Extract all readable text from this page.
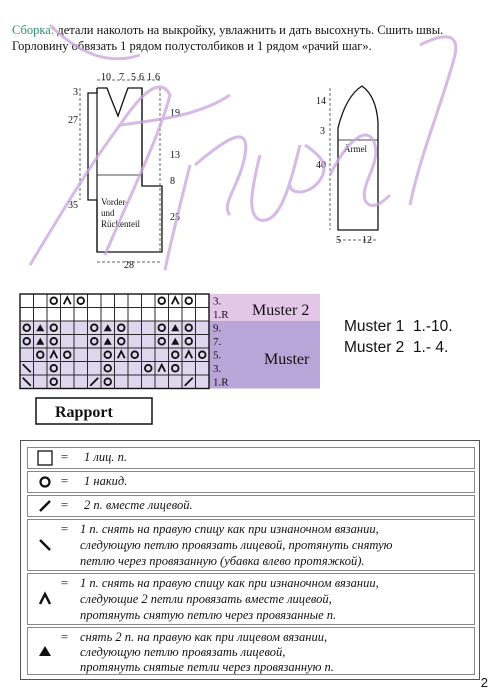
Сборка: детали наколоть на выкройку, увлажнить и дать высохнуть. Сшить швы.
Горловину обвязать 1 рядом полустолбиков и 1 рядом «рачий шаг».
10 7 5 6 1 6
3
27
35
19
13
8
25
28
Vorder-
und
Rückenteil
14
3
40
5 12
Ärmel
3.
1.R
9.
7.
5.
3.
1.R
Muster 2
Muster
Rapport
Muster 1 1.-10.
Muster 2 1.- 4.
= 1 лиц. п.
= 1 накид.
= 2 п. вместе лицевой.
= 1 п. снять на правую спицу как при изнаночном вязании,
следующую петлю провязать лицевой, протянуть снятую
петлю через провязанную (убавка влево протяжкой).
= 1 п. снять на правую спицу как при изнаночном вязании,
следующие 2 петли провязать вместе лицевой,
протянуть снятую петлю через провязанные п.
= снять 2 п. на правую как при лицевом вязании,
следующую петлю провязать лицевой,
протянуть снятые петли через провязанную п.
2
